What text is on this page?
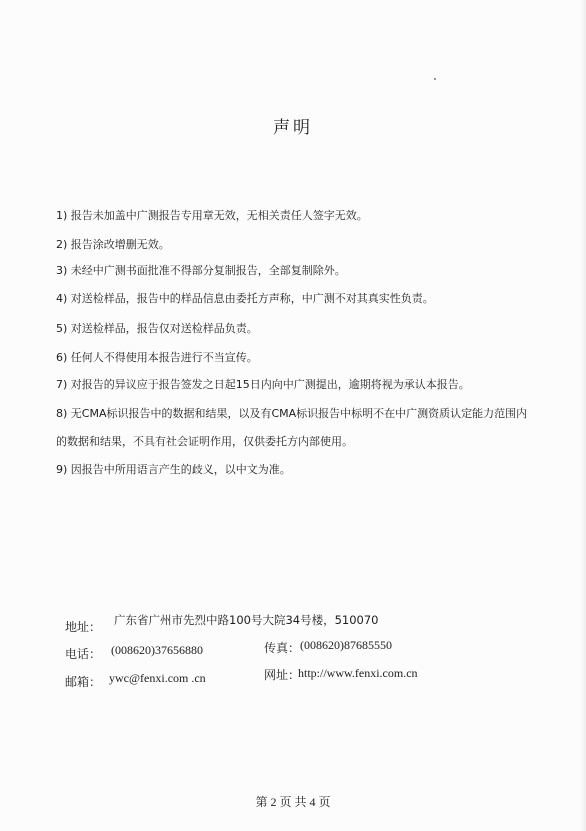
声明
1) 报告未加盖中广测报告专用章无效，无相关责任人签字无效。
2) 报告涂改增删无效。
3) 未经中广测书面批准不得部分复制报告，全部复制除外。
4) 对送检样品，报告中的样品信息由委托方声称，中广测不对其真实性负责。
5) 对送检样品，报告仅对送检样品负责。
6) 任何人不得使用本报告进行不当宣传。
7) 对报告的异议应于报告签发之日起15日内向中广测提出，逾期将视为承认本报告。
8) 无CMA标识报告中的数据和结果，以及有CMA标识报告中标明不在中广测资质认定能力范围内
的数据和结果，不具有社会证明作用，仅供委托方内部使用。
9) 因报告中所用语言产生的歧义，以中文为准。
地址： 广东省广州市先烈中路100号大院34号楼，510070
电话： (008620)37656880	传真： (008620)87685550
邮箱： ywc@fenxi.com .cn	网址：
http://www.fenxi.com.cn
第 2 页 共 4 页
